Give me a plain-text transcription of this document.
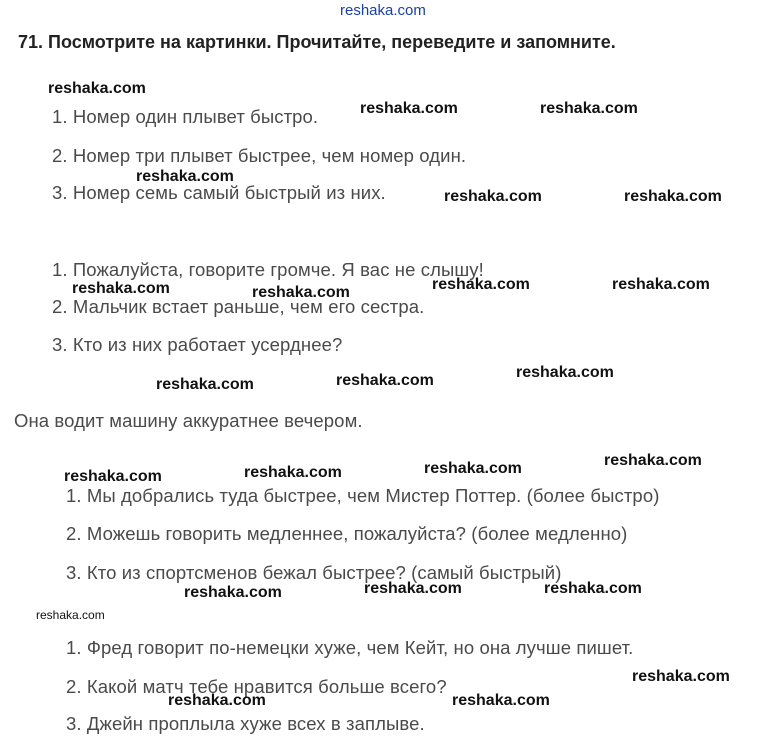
reshaka.com
71. Посмотрите на картинки. Прочитайте, переведите и запомните.
1. Номер один плывет быстро.
2. Номер три плывет быстрее, чем номер один.
3. Номер семь самый быстрый из них.
1. Пожалуйста, говорите громче. Я вас не слышу!
2. Мальчик встает раньше, чем его сестра.
3. Кто из них работает усерднее?
Она водит машину аккуратнее вечером.
1. Мы добрались туда быстрее, чем Мистер Поттер. (более быстро)
2. Можешь говорить медленнее, пожалуйста? (более медленно)
3. Кто из спортсменов бежал быстрее? (самый быстрый)
1. Фред говорит по-немецки хуже, чем Кейт, но она лучше пишет.
2. Какой матч тебе нравится больше всего?
3. Джейн проплыла хуже всех в заплыве.
reshaka.com
reshaka.com	reshaka.com
reshaka.com
reshaka.com	reshaka.com
reshaka.com	reshaka.com	reshaka.com	reshaka.com
reshaka.com	reshaka.com	reshaka.com
reshaka.com	reshaka.com	reshaka.com	reshaka.com
reshaka.com	reshaka.com	reshaka.com
reshaka.com
reshaka.com
reshaka.com	reshaka.com
